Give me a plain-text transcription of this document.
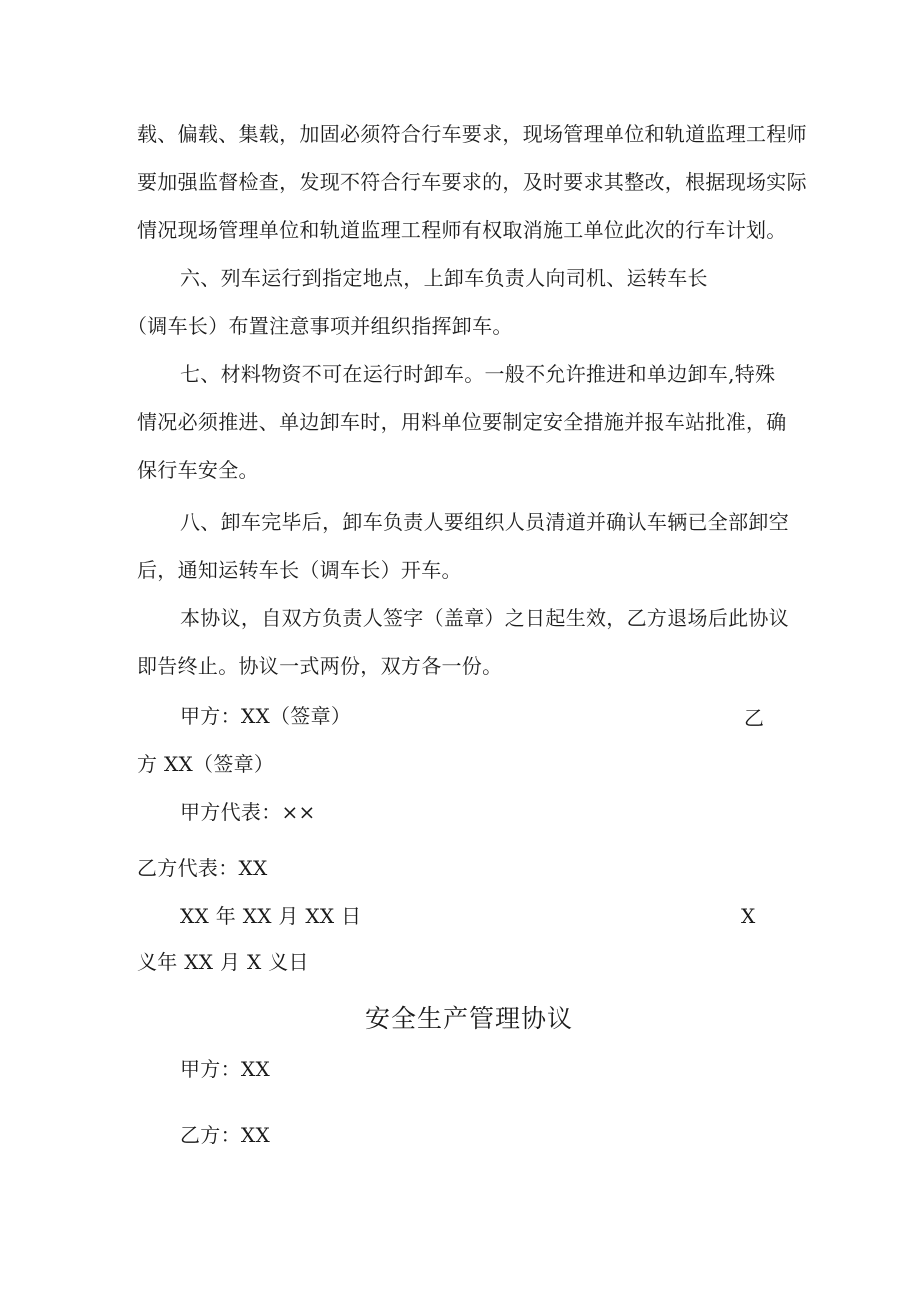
载、偏载、集载，加固必须符合行车要求，现场管理单位和轨道监理工程师
要加强监督检查，发现不符合行车要求的，及时要求其整改，根据现场实际
情况现场管理单位和轨道监理工程师有权取消施工单位此次的行车计划。
六、列车运行到指定地点，上卸车负责人向司机、运转车长
（调车长）布置注意事项并组织指挥卸车。
七、材料物资不可在运行时卸车。一般不允许推进和单边卸车,特殊
情况必须推进、单边卸车时，用料单位要制定安全措施并报车站批准，确
保行车安全。
八、卸车完毕后，卸车负责人要组织人员清道并确认车辆已全部卸空
后，通知运转车长（调车长）开车。
本协议，自双方负责人签字（盖章）之日起生效，乙方退场后此协议
即告终止。协议一式两份，双方各一份。
甲方：XX（签章）	乙
方 XX（签章）
甲方代表：××
乙方代表：XX
XX 年 XX 月 XX 日	X
义年 XX 月 X 义日
安全生产管理协议
甲方：XX
乙方：XX
